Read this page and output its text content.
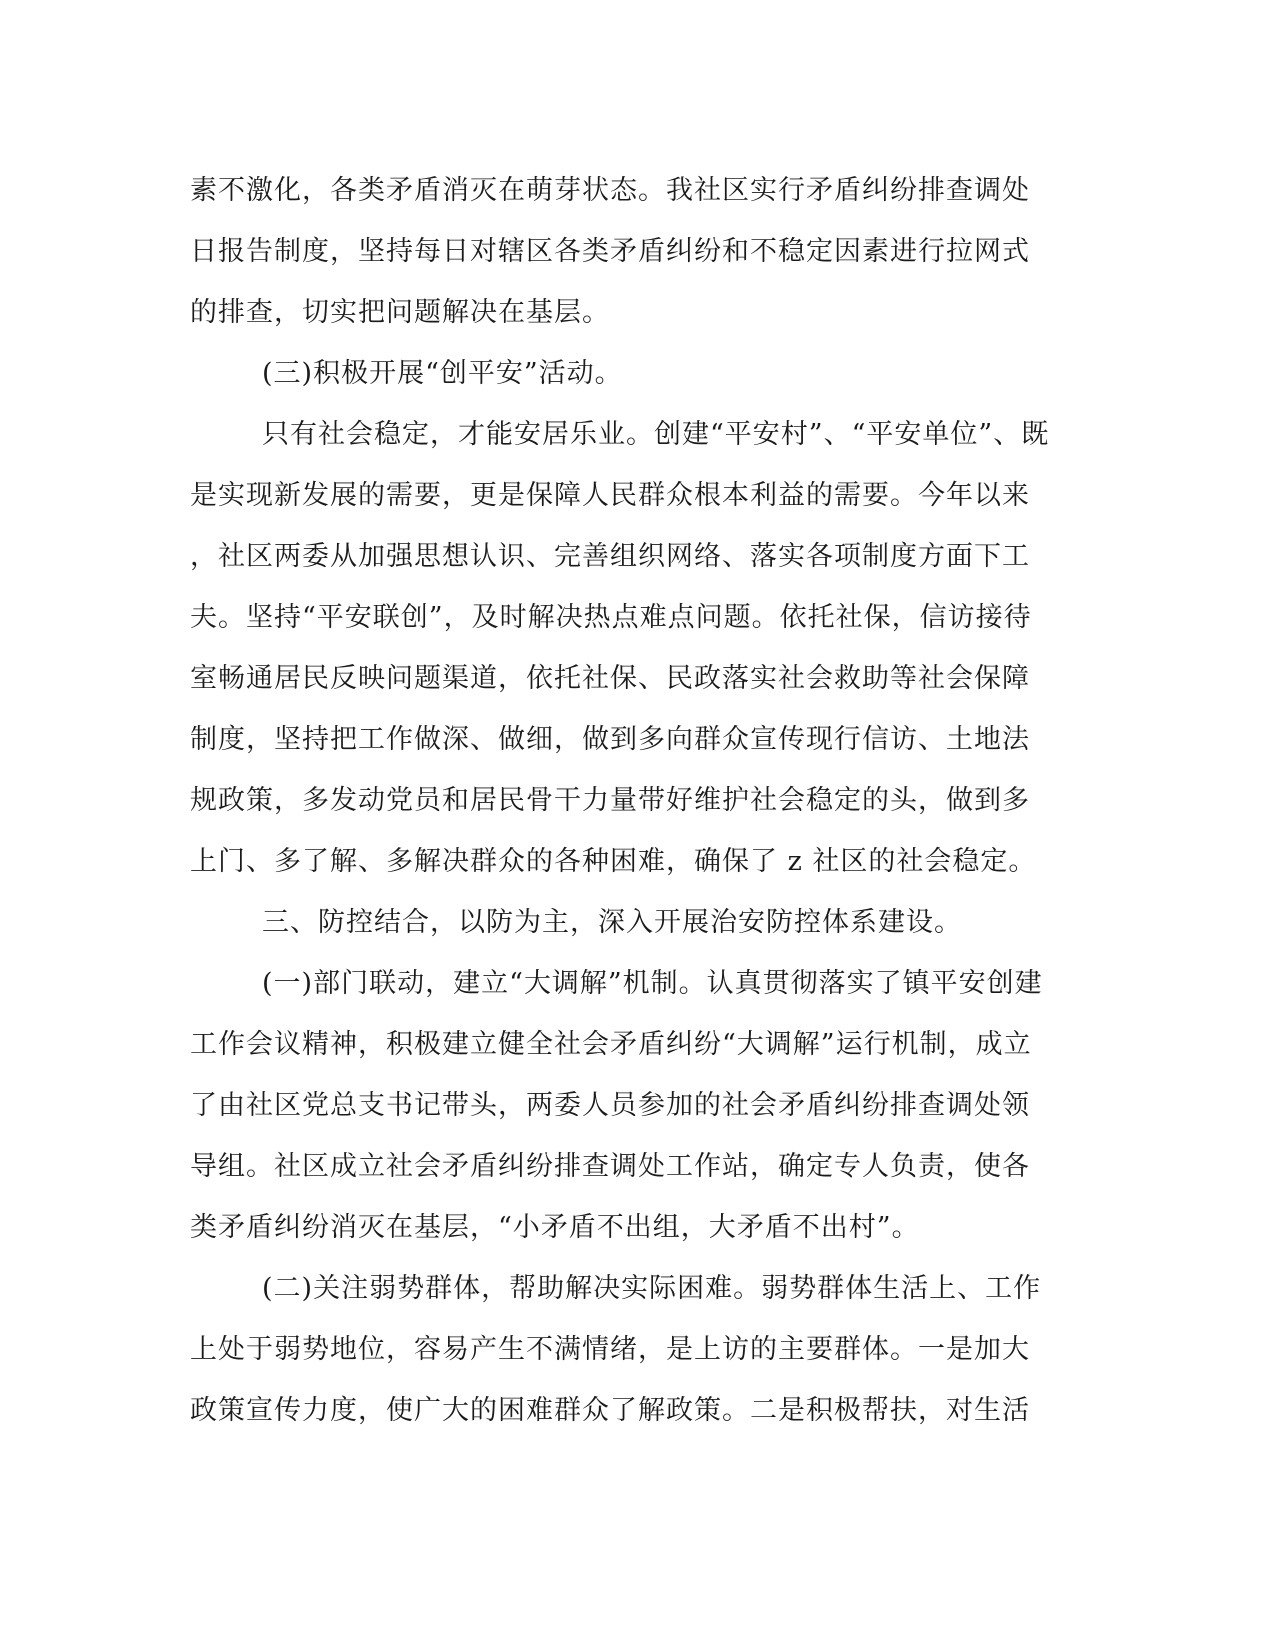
素不激化，各类矛盾消灭在萌芽状态。我社区实行矛盾纠纷排查调处
日报告制度，坚持每日对辖区各类矛盾纠纷和不稳定因素进行拉网式
的排查，切实把问题解决在基层。
(三)积极开展“创平安”活动。
只有社会稳定，才能安居乐业。创建“平安村”、“平安单位”、既
是实现新发展的需要，更是保障人民群众根本利益的需要。今年以来
，社区两委从加强思想认识、完善组织网络、落实各项制度方面下工
夫。坚持“平安联创”，及时解决热点难点问题。依托社保，信访接待
室畅通居民反映问题渠道，依托社保、民政落实社会救助等社会保障
制度，坚持把工作做深、做细，做到多向群众宣传现行信访、土地法
规政策，多发动党员和居民骨干力量带好维护社会稳定的头，做到多
上门、多了解、多解决群众的各种困难，确保了 z 社区的社会稳定。
三、防控结合，以防为主，深入开展治安防控体系建设。
(一)部门联动，建立“大调解”机制。认真贯彻落实了镇平安创建
工作会议精神，积极建立健全社会矛盾纠纷“大调解”运行机制，成立
了由社区党总支书记带头，两委人员参加的社会矛盾纠纷排查调处领
导组。社区成立社会矛盾纠纷排查调处工作站，确定专人负责，使各
类矛盾纠纷消灭在基层，“小矛盾不出组，大矛盾不出村”。
(二)关注弱势群体，帮助解决实际困难。弱势群体生活上、工作
上处于弱势地位，容易产生不满情绪，是上访的主要群体。一是加大
政策宣传力度，使广大的困难群众了解政策。二是积极帮扶，对生活
